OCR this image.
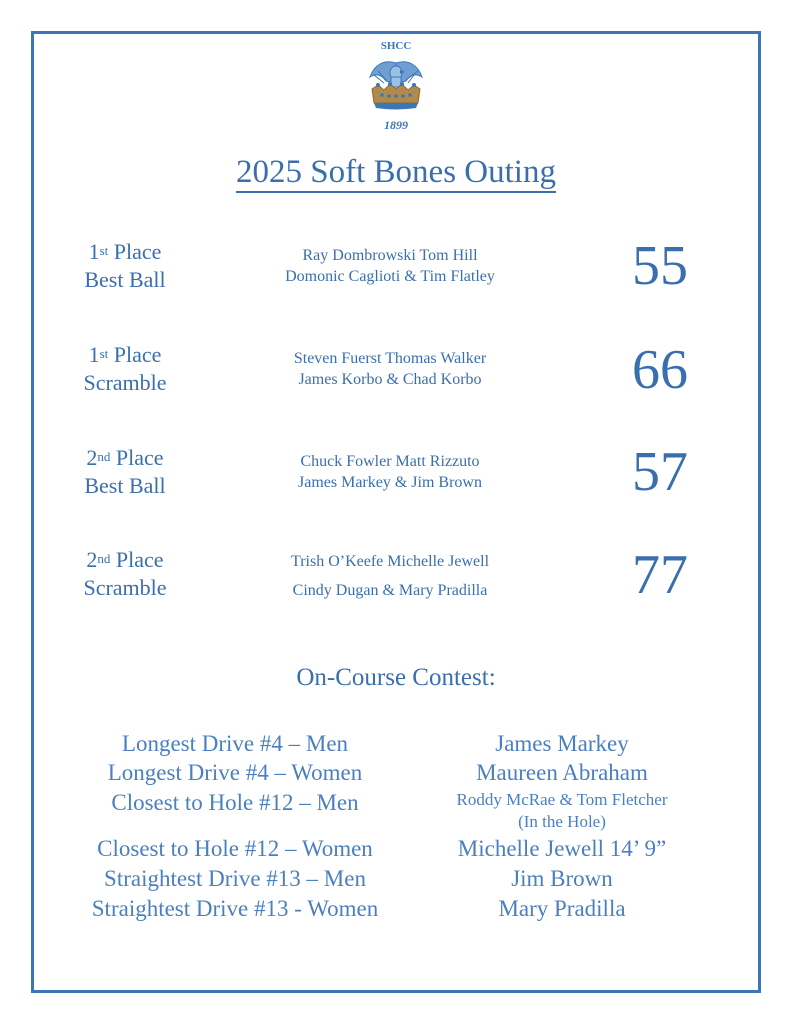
SHCC
1899
2025 Soft Bones Outing
1st Place
Best Ball
Ray Dombrowski Tom Hill
Domonic Caglioti & Tim Flatley	55
1st Place
Scramble
Steven Fuerst Thomas Walker
James Korbo & Chad Korbo	66
2nd Place
Best Ball
Chuck Fowler Matt Rizzuto
James Markey & Jim Brown	57
2nd Place
Scramble
Trish O’Keefe Michelle Jewell
Cindy Dugan & Mary Pradilla	77
On-Course Contest:
Longest Drive #4 – Men	James Markey
Longest Drive #4 – Women	Maureen Abraham
Closest to Hole #12 – Men	Roddy McRae & Tom Fletcher
(In the Hole)
Closest to Hole #12 – Women	Michelle Jewell 14’ 9”
Straightest Drive #13 – Men	Jim Brown
Straightest Drive #13 - Women	Mary Pradilla
